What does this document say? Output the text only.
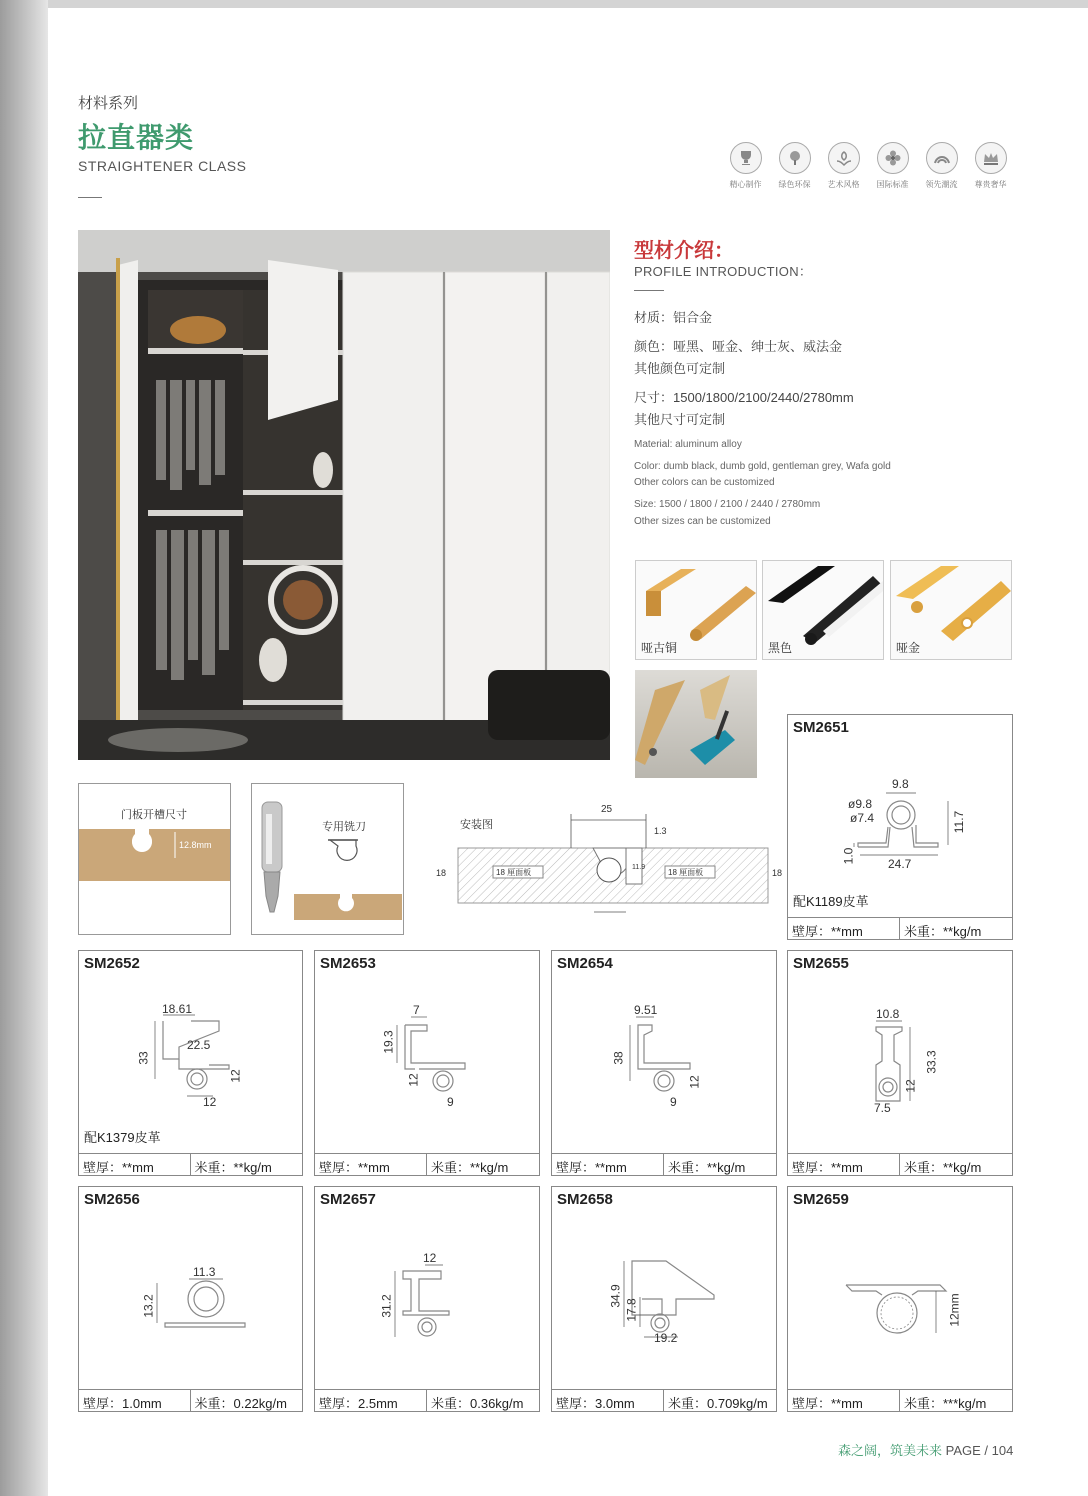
材料系列
拉直器类
STRAIGHTENER CLASS
精心制作	绿色环保	艺术风格	国际标准	领先潮流	尊贵奢华
型材介绍：
PROFILE INTRODUCTION：
材质：铝合金
颜色：哑黑、哑金、绅士灰、威法金
其他颜色可定制
尺寸：1500/1800/2100/2440/2780mm
其他尺寸可定制
Material: aluminum alloy
Color: dumb black, dumb gold, gentleman grey, Wafa gold
Other colors can be customized
Size: 1500 / 1800 / 2100 / 2440 / 2780mm
Other sizes can be customized
哑古铜	黑色	哑金
门板开槽尺寸
12.8mm
专用铣刀	安装图
25
1.3
11.9
18	18
18 厘面板	18 厘面板
SM2651
9.8
ø9.8
ø7.4	11.7
1.0	24.7
配K1189皮革
壁厚：**mm	米重：**kg/m
SM2652
18.61
22.5
33
12
12
配K1379皮革
壁厚：**mm	米重：**kg/m
SM2653
7
19.3
12
9
壁厚：**mm	米重：**kg/m
SM2654
9.51
38
12
9
壁厚：**mm	米重：**kg/m
SM2655
10.8
33.3
12
7.5
壁厚：**mm	米重：**kg/m
SM2656
11.3
13.2
壁厚：1.0mm	米重：0.22kg/m
SM2657
12
31.2
壁厚：2.5mm	米重：0.36kg/m
SM2658
34.9
17.8
19.2
壁厚：3.0mm	米重：0.709kg/m
SM2659
12mm
壁厚：**mm	米重：***kg/m
森之阔，筑美未来 PAGE / 104
